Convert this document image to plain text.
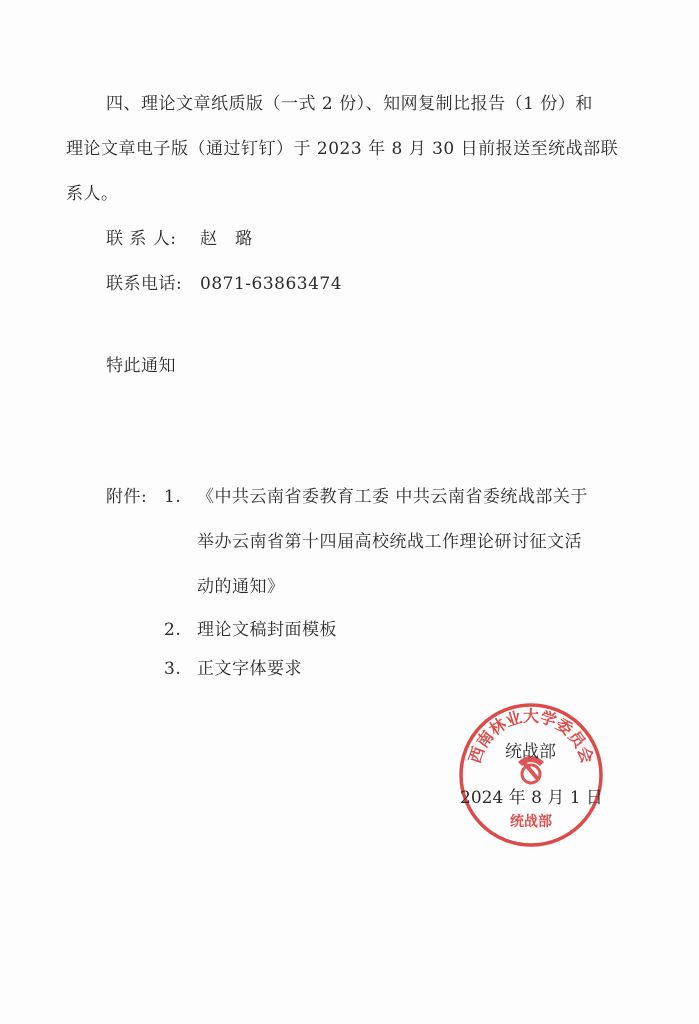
四、理论文章纸质版（一式 2 份）、知网复制比报告（1 份）和
理论文章电子版（通过钉钉）于 2023 年 8 月 30 日前报送至统战部联
系人。
联 系 人: 赵　璐
联系电话: 0871-63863474
特此通知
附件: 1. 《中共云南省委教育工委 中共云南省委统战部关于
举办云南省第十四届高校统战工作理论研讨征文活
动的通知》
2. 理论文稿封面模板
3. 正文字体要求
西南林业大学委员会
统战部
统战部
2024 年 8 月 1 日
